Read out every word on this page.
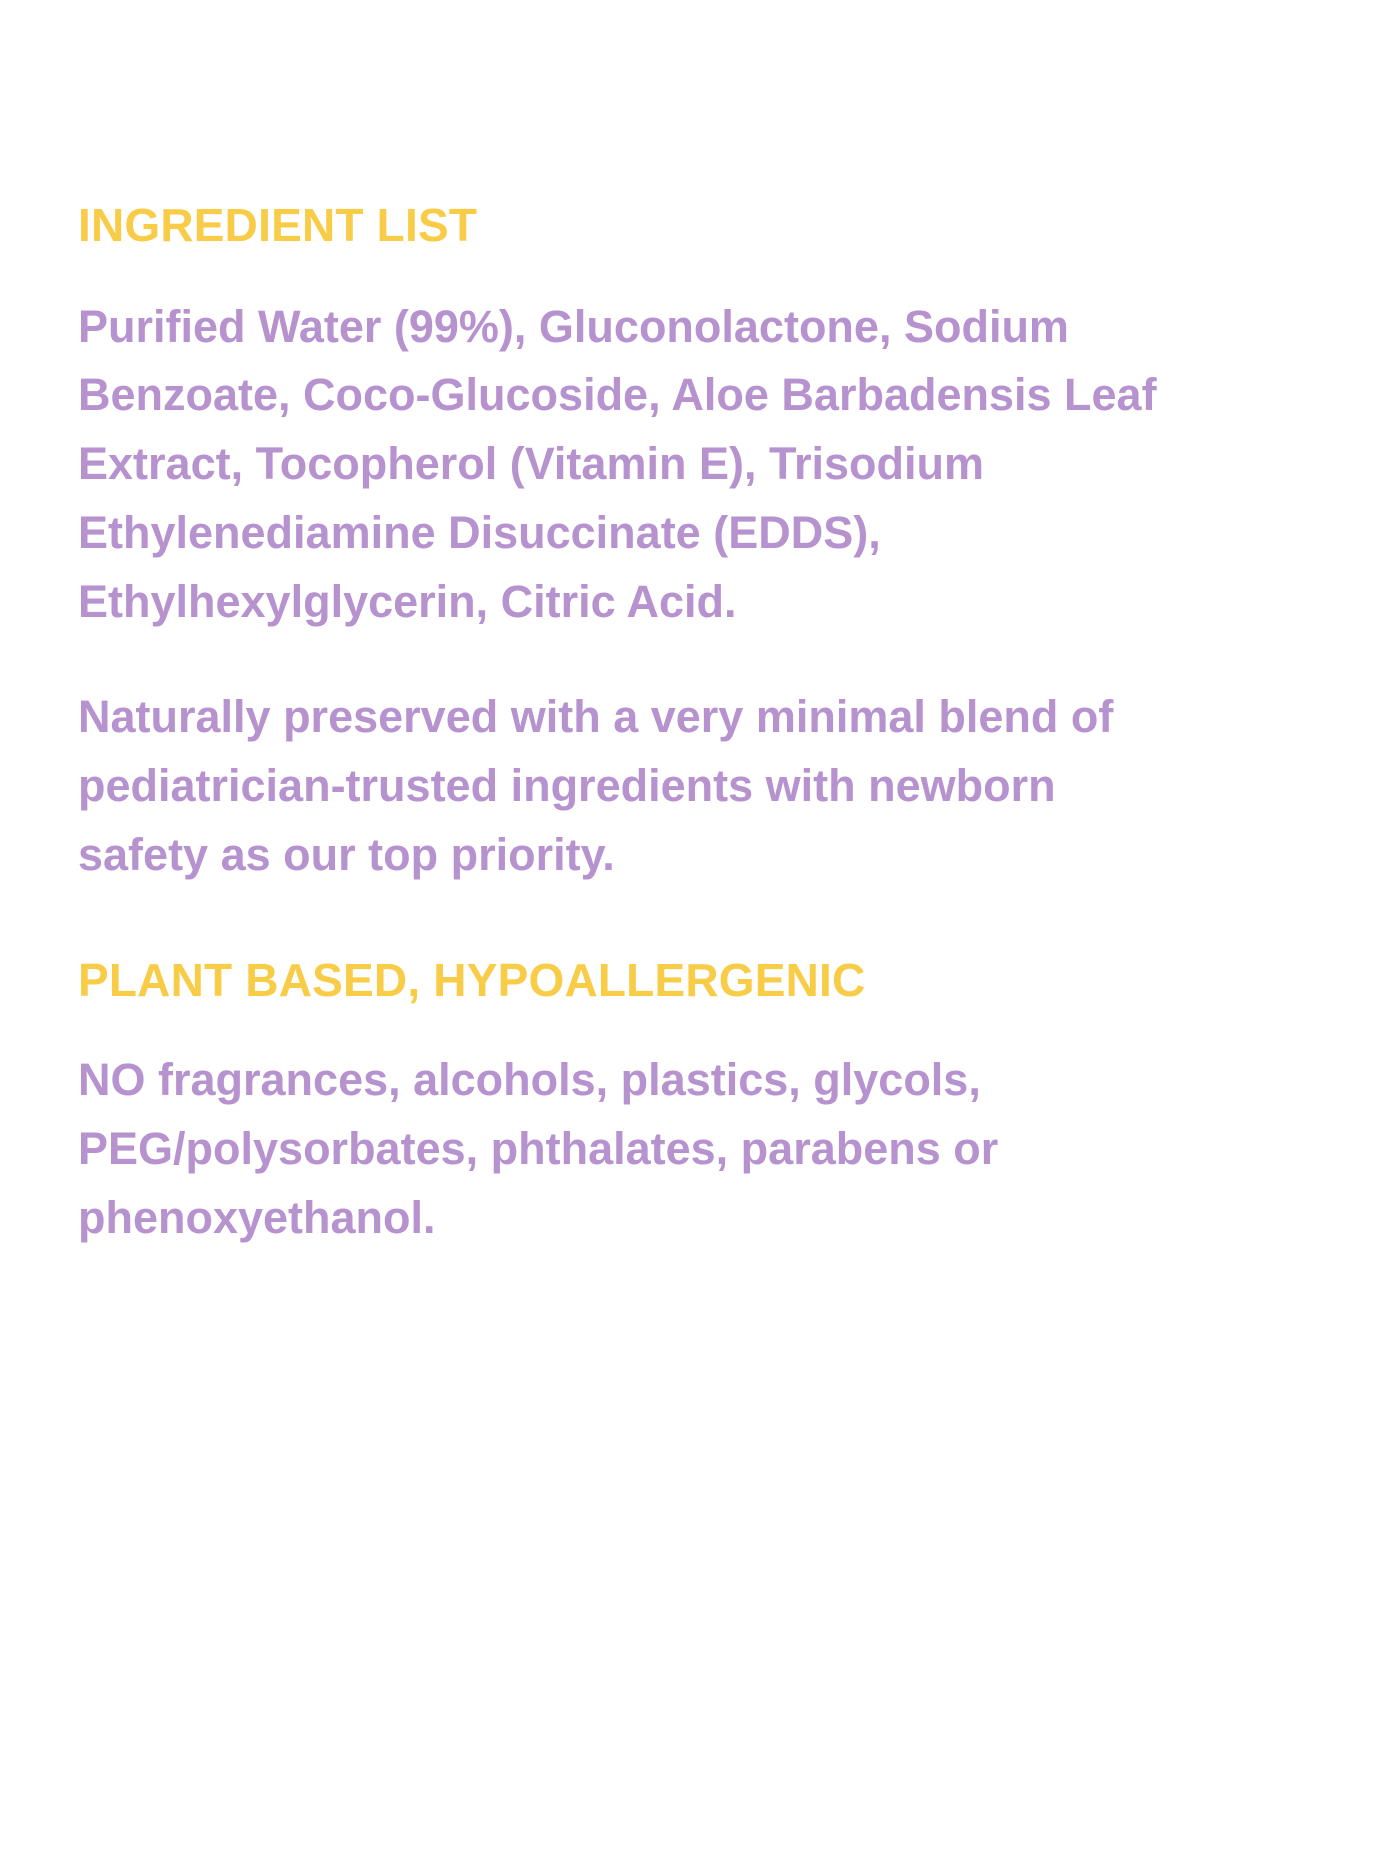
INGREDIENT LIST

Purified Water (99%), Gluconolactone, Sodium Benzoate, Coco-Glucoside, Aloe Barbadensis Leaf Extract, Tocopherol (Vitamin E), Trisodium Ethylenediamine Disuccinate (EDDS), Ethylhexylglycerin, Citric Acid.

Naturally preserved with a very minimal blend of pediatrician-trusted ingredients with newborn safety as our top priority.

PLANT BASED, HYPOALLERGENIC

NO fragrances, alcohols, plastics, glycols, PEG/polysorbates, phthalates, parabens or phenoxyethanol.
